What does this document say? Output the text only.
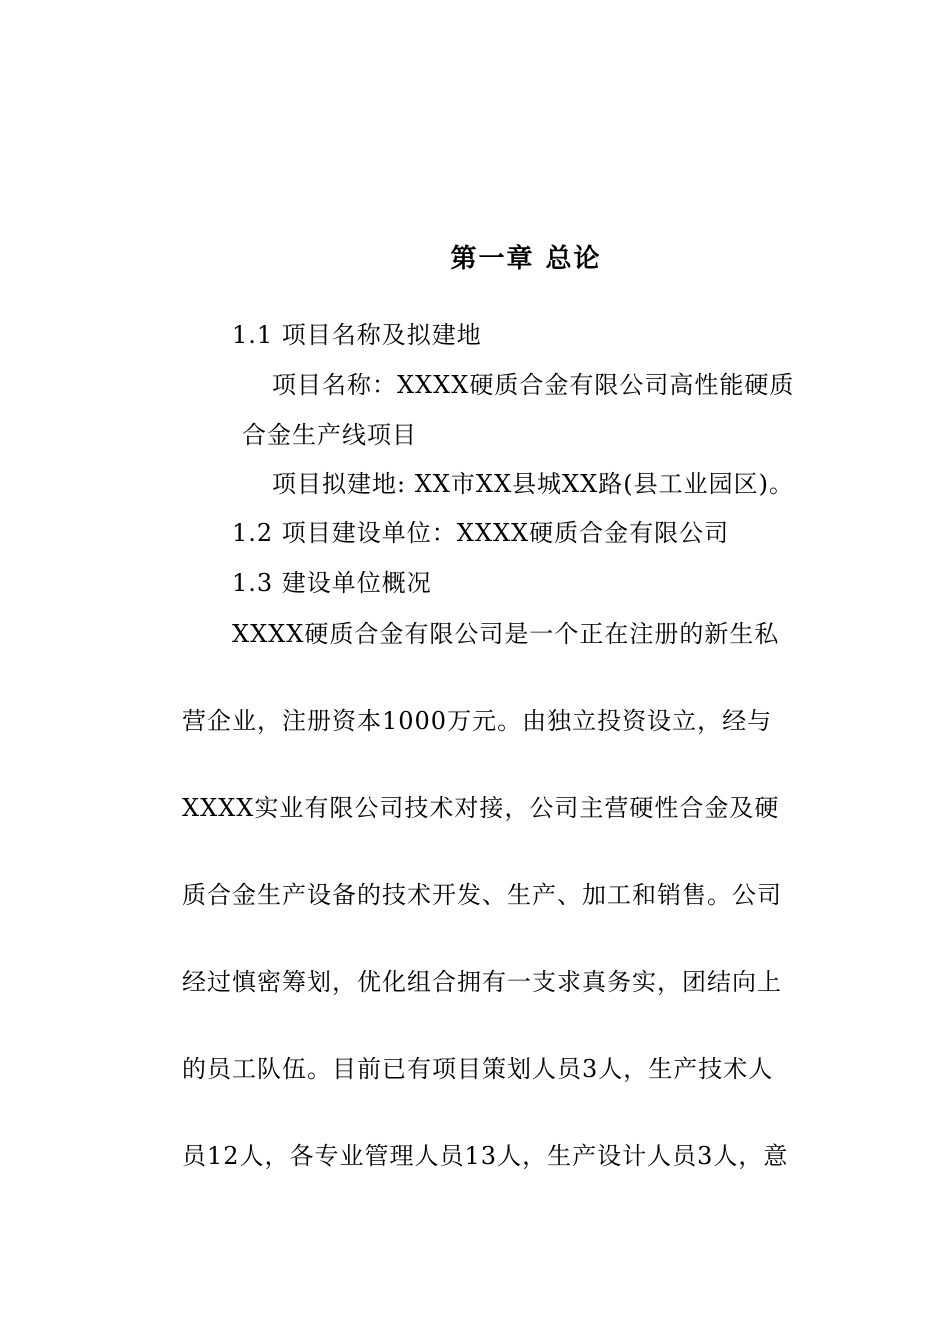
第一章 总论
1.1 项目名称及拟建地
项目名称：XXXX硬质合金有限公司高性能硬质
合金生产线项目
项目拟建地: XX市XX县城XX路(县工业园区)。
1.2 项目建设单位：XXXX硬质合金有限公司
1.3 建设单位概况
XXXX硬质合金有限公司是一个正在注册的新生私
营企业，注册资本1000万元。由独立投资设立，经与
XXXX实业有限公司技术对接，公司主营硬性合金及硬
质合金生产设备的技术开发、生产、加工和销售。公司
经过慎密筹划，优化组合拥有一支求真务实，团结向上
的员工队伍。目前已有项目策划人员3人，生产技术人
员12人，各专业管理人员13人，生产设计人员3人，意
